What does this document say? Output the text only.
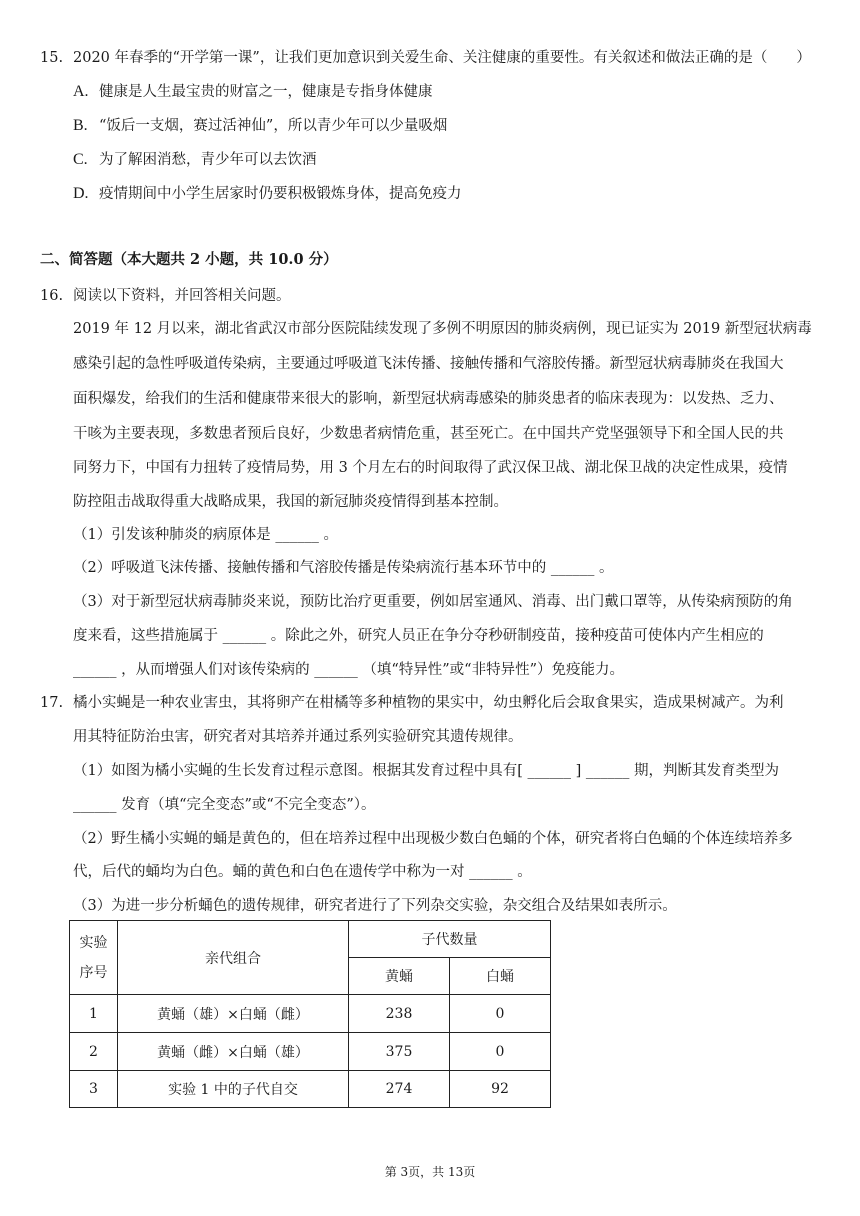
15. 2020 年春季的“开学第一课”，让我们更加意识到关爱生命、关注健康的重要性。有关叙述和做法正确的是（　　）
A. 健康是人生最宝贵的财富之一，健康是专指身体健康
B. “饭后一支烟，赛过活神仙”，所以青少年可以少量吸烟
C. 为了解困消愁，青少年可以去饮酒
D. 疫情期间中小学生居家时仍要积极锻炼身体，提高免疫力
二、简答题（本大题共 2 小题，共 10.0 分）
16. 阅读以下资料，并回答相关问题。
2019 年 12 月以来，湖北省武汉市部分医院陆续发现了多例不明原因的肺炎病例，现已证实为 2019 新型冠状病毒
感染引起的急性呼吸道传染病，主要通过呼吸道飞沫传播、接触传播和气溶胶传播。新型冠状病毒肺炎在我国大
面积爆发，给我们的生活和健康带来很大的影响，新型冠状病毒感染的肺炎患者的临床表现为：以发热、乏力、
干咳为主要表现，多数患者预后良好，少数患者病情危重，甚至死亡。在中国共产党坚强领导下和全国人民的共
同努力下，中国有力扭转了疫情局势，用 3 个月左右的时间取得了武汉保卫战、湖北保卫战的决定性成果，疫情
防控阻击战取得重大战略成果，我国的新冠肺炎疫情得到基本控制。
（1）引发该种肺炎的病原体是 ______ 。
（2）呼吸道飞沫传播、接触传播和气溶胶传播是传染病流行基本环节中的 ______ 。
（3）对于新型冠状病毒肺炎来说，预防比治疗更重要，例如居室通风、消毒、出门戴口罩等，从传染病预防的角
度来看，这些措施属于 ______ 。除此之外，研究人员正在争分夺秒研制疫苗，接种疫苗可使体内产生相应的
______ ，从而增强人们对该传染病的 ______ （填“特异性”或“非特异性”）免疫能力。
17. 橘小实蝇是一种农业害虫，其将卵产在柑橘等多种植物的果实中，幼虫孵化后会取食果实，造成果树减产。为利
用其特征防治虫害，研究者对其培养并通过系列实验研究其遗传规律。
（1）如图为橘小实蝇的生长发育过程示意图。根据其发育过程中具有[ ______ ] ______ 期，判断其发育类型为
______ 发育（填“完全变态”或“不完全变态”）。
（2）野生橘小实蝇的蛹是黄色的，但在培养过程中出现极少数白色蛹的个体，研究者将白色蛹的个体连续培养多
代，后代的蛹均为白色。蛹的黄色和白色在遗传学中称为一对 ______ 。
（3）为进一步分析蛹色的遗传规律，研究者进行了下列杂交实验，杂交组合及结果如表所示。
实验
序号	亲代组合	子代数量	
		黄蛹	白蛹
1	黄蛹（雄）×白蛹（雌）	238	0
2	黄蛹（雌）×白蛹（雄）	375	0
3	实验 1 中的子代自交	274	92
第 3页，共 13页
